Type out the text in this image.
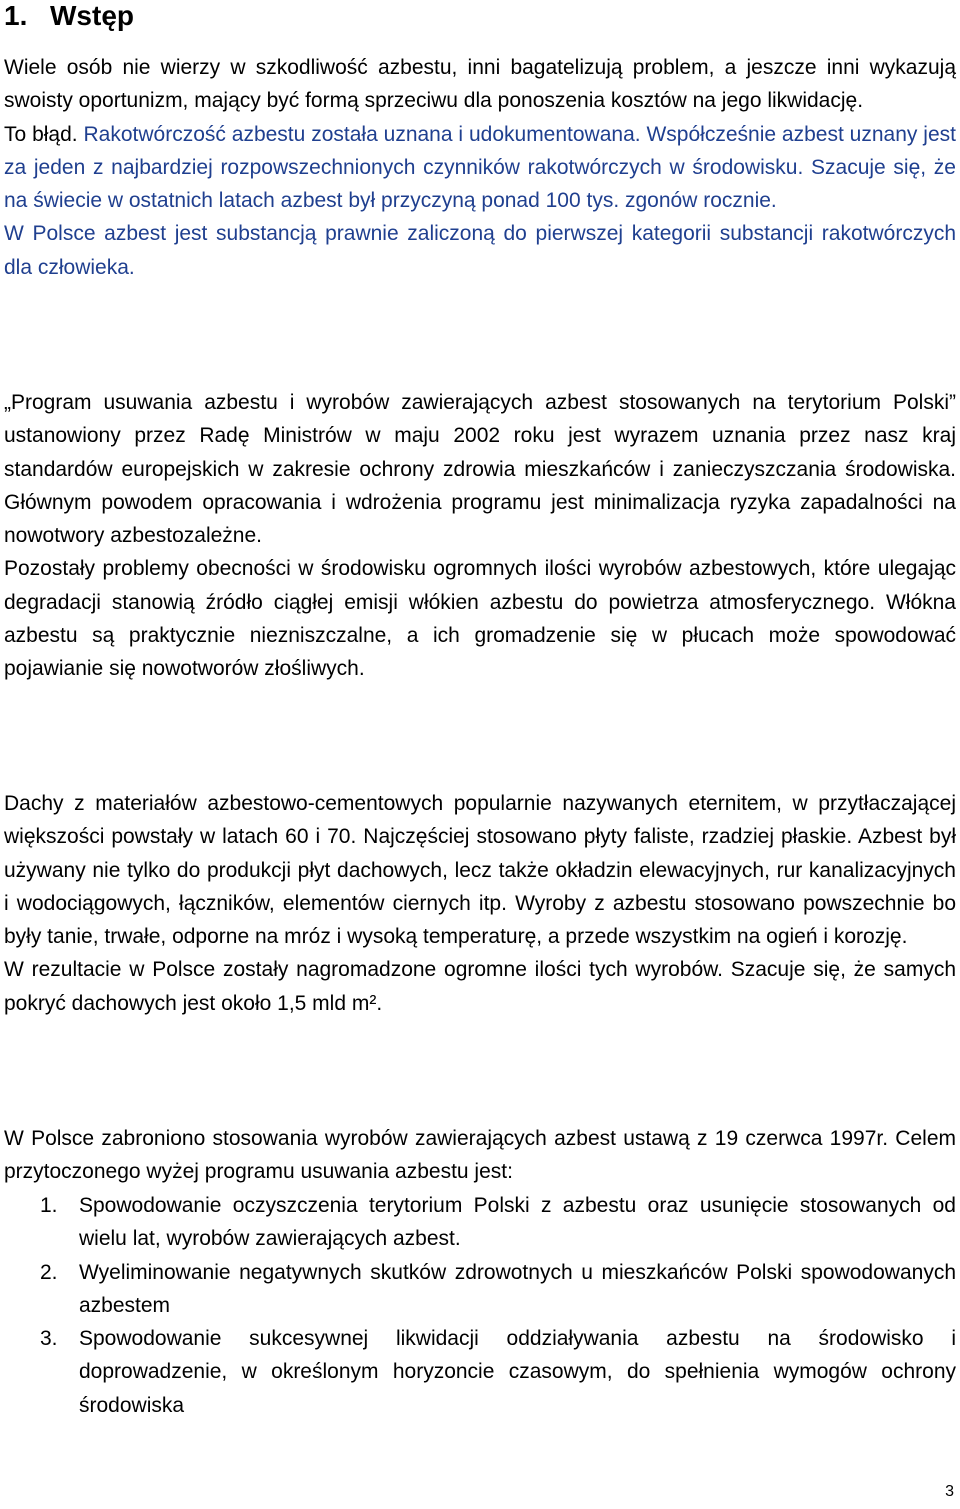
1. Wstęp

Wiele osób nie wierzy w szkodliwość azbestu, inni bagatelizują problem, a jeszcze inni wykazują swoisty oportunizm, mający być formą sprzeciwu dla ponoszenia kosztów na jego likwidację.

To błąd. Rakotwórczość azbestu została uznana i udokumentowana. Współcześnie azbest uznany jest za jeden z najbardziej rozpowszechnionych czynników rakotwórczych w środowisku. Szacuje się, że na świecie w ostatnich latach azbest był przyczyną ponad 100 tys. zgonów rocznie.

W Polsce azbest jest substancją prawnie zaliczoną do pierwszej kategorii substancji rakotwórczych dla człowieka.

„Program usuwania azbestu i wyrobów zawierających azbest stosowanych na terytorium Polski” ustanowiony przez Radę Ministrów w maju 2002 roku jest wyrazem uznania przez nasz kraj standardów europejskich w zakresie ochrony zdrowia mieszkańców i zanieczyszczania środowiska. Głównym powodem opracowania i wdrożenia programu jest minimalizacja ryzyka zapadalności na nowotwory azbestozależne.

Pozostały problemy obecności w środowisku ogromnych ilości wyrobów azbestowych, które ulegając degradacji stanowią źródło ciągłej emisji włókien azbestu do powietrza atmosferycznego. Włókna azbestu są praktycznie niezniszczalne, a ich gromadzenie się w płucach może spowodować pojawianie się nowotworów złośliwych.

Dachy z materiałów azbestowo-cementowych popularnie nazywanych eternitem, w przytłaczającej większości powstały w latach 60 i 70. Najczęściej stosowano płyty faliste, rzadziej płaskie. Azbest był używany nie tylko do produkcji płyt dachowych, lecz także okładzin elewacyjnych, rur kanalizacyjnych i wodociągowych, łączników, elementów ciernych itp. Wyroby z azbestu stosowano powszechnie bo były tanie, trwałe, odporne na mróz i wysoką temperaturę, a przede wszystkim na ogień i korozję.

W rezultacie w Polsce zostały nagromadzone ogromne ilości tych wyrobów. Szacuje się, że samych pokryć dachowych jest około 1,5 mld m².

W Polsce zabroniono stosowania wyrobów zawierających azbest ustawą z 19 czerwca 1997r. Celem przytoczonego wyżej programu usuwania azbestu jest:

1. Spowodowanie oczyszczenia terytorium Polski z azbestu oraz usunięcie stosowanych od wielu lat, wyrobów zawierających azbest.
2. Wyeliminowanie negatywnych skutków zdrowotnych u mieszkańców Polski spowodowanych azbestem
3. Spowodowanie sukcesywnej likwidacji oddziaływania azbestu na środowisko i doprowadzenie, w określonym horyzoncie czasowym, do spełnienia wymogów ochrony środowiska
3
